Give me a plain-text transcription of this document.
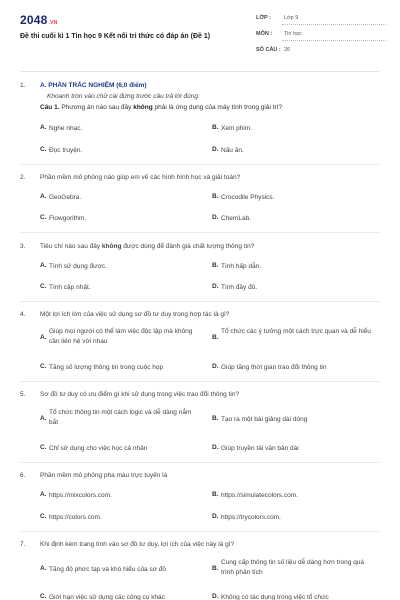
2048.VN
Đề thi cuối kì 1 Tin học 9 Kết nối tri thức có đáp án (Đề 1)
LỚP : Lớp 9
MÔN : Tin học
SỐ CÂU : 26
1. A. PHẦN TRẮC NGHIỆM (6,0 điểm)
Khoanh tròn vào chữ cái đứng trước câu trả lời đúng:
Câu 1. Phương án nào sau đây không phải là ứng dụng của máy tính trong giải trí?
A. Nghe nhạc.	B. Xem phim.
C. Đọc truyện.	D. Nấu ăn.
2. Phần mềm mô phỏng nào giúp em vẽ các hình hình học và giải toán?
A. GeoGebra.	B. Crocodile Physics.
C. Flowgorithm.	D. ChemLab.
3. Tiêu chí nào sau đây không được dùng để đánh giá chất lượng thông tin?
A. Tính sử dụng được.	B. Tính hấp dẫn.
C. Tính cập nhật.	D. Tính đầy đủ.
4. Một lợi ích lớn của việc sử dụng sơ đồ tư duy trong hợp tác là gì?
A.
Giúp mọi người có thể làm việc độc lập mà không cần liên hệ với nhau
B.
Tổ chức các ý tưởng một cách trực quan và dễ hiểu
C. Tăng số lượng thông tin trong cuộc họp	D. Giúp tăng thời gian trao đổi thông tin
5. Sơ đồ tư duy có ưu điểm gì khi sử dụng trong việc trao đổi thông tin?
A.
Tổ chức thông tin một cách logic và dễ dàng nắm bắt
B. Tạo ra một bài giảng dài dòng
C. Chỉ sử dụng cho việc học cá nhân	D. Giúp truyền tải văn bản dài
6. Phần mềm mô phỏng pha màu trực tuyến là
A. https://mixcolors.com.	B. https://simulatecolors.com.
C. https://colors.com.	D. https://trycolors.com.
7. Khi định kèm trang tính vào sơ đồ tư duy, lợi ích của việc này là gì?
A. Tăng độ phức tạp và khó hiểu của sơ đồ	B.
Cung cấp thông tin số liệu dễ dàng hơn trong quá trình phân tích
C. Giới hạn việc sử dụng các công cụ khác	D. Không có tác dụng trong việc tổ chức
